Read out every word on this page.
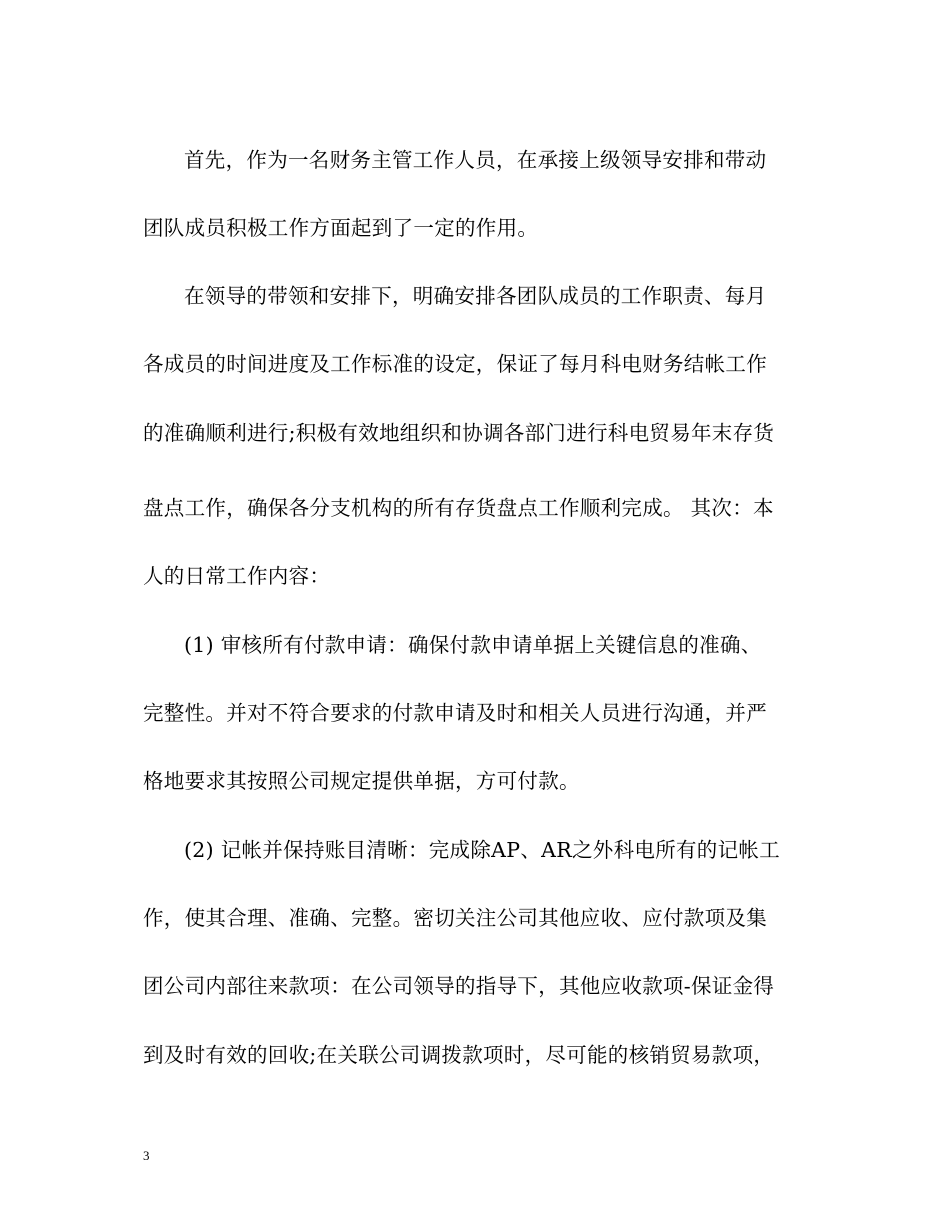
首先，作为一名财务主管工作人员，在承接上级领导安排和带动
团队成员积极工作方面起到了一定的作用。
在领导的带领和安排下，明确安排各团队成员的工作职责、每月
各成员的时间进度及工作标准的设定，保证了每月科电财务结帐工作
的准确顺利进行;积极有效地组织和协调各部门进行科电贸易年末存货
盘点工作，确保各分支机构的所有存货盘点工作顺利完成。 其次：本
人的日常工作内容：
(1) 审核所有付款申请：确保付款申请单据上关键信息的准确、
完整性。并对不符合要求的付款申请及时和相关人员进行沟通，并严
格地要求其按照公司规定提供单据，方可付款。
(2) 记帐并保持账目清晰：完成除AP、AR之外科电所有的记帐工
作，使其合理、准确、完整。密切关注公司其他应收、应付款项及集
团公司内部往来款项：在公司领导的指导下，其他应收款项-保证金得
到及时有效的回收;在关联公司调拨款项时，尽可能的核销贸易款项，
3
